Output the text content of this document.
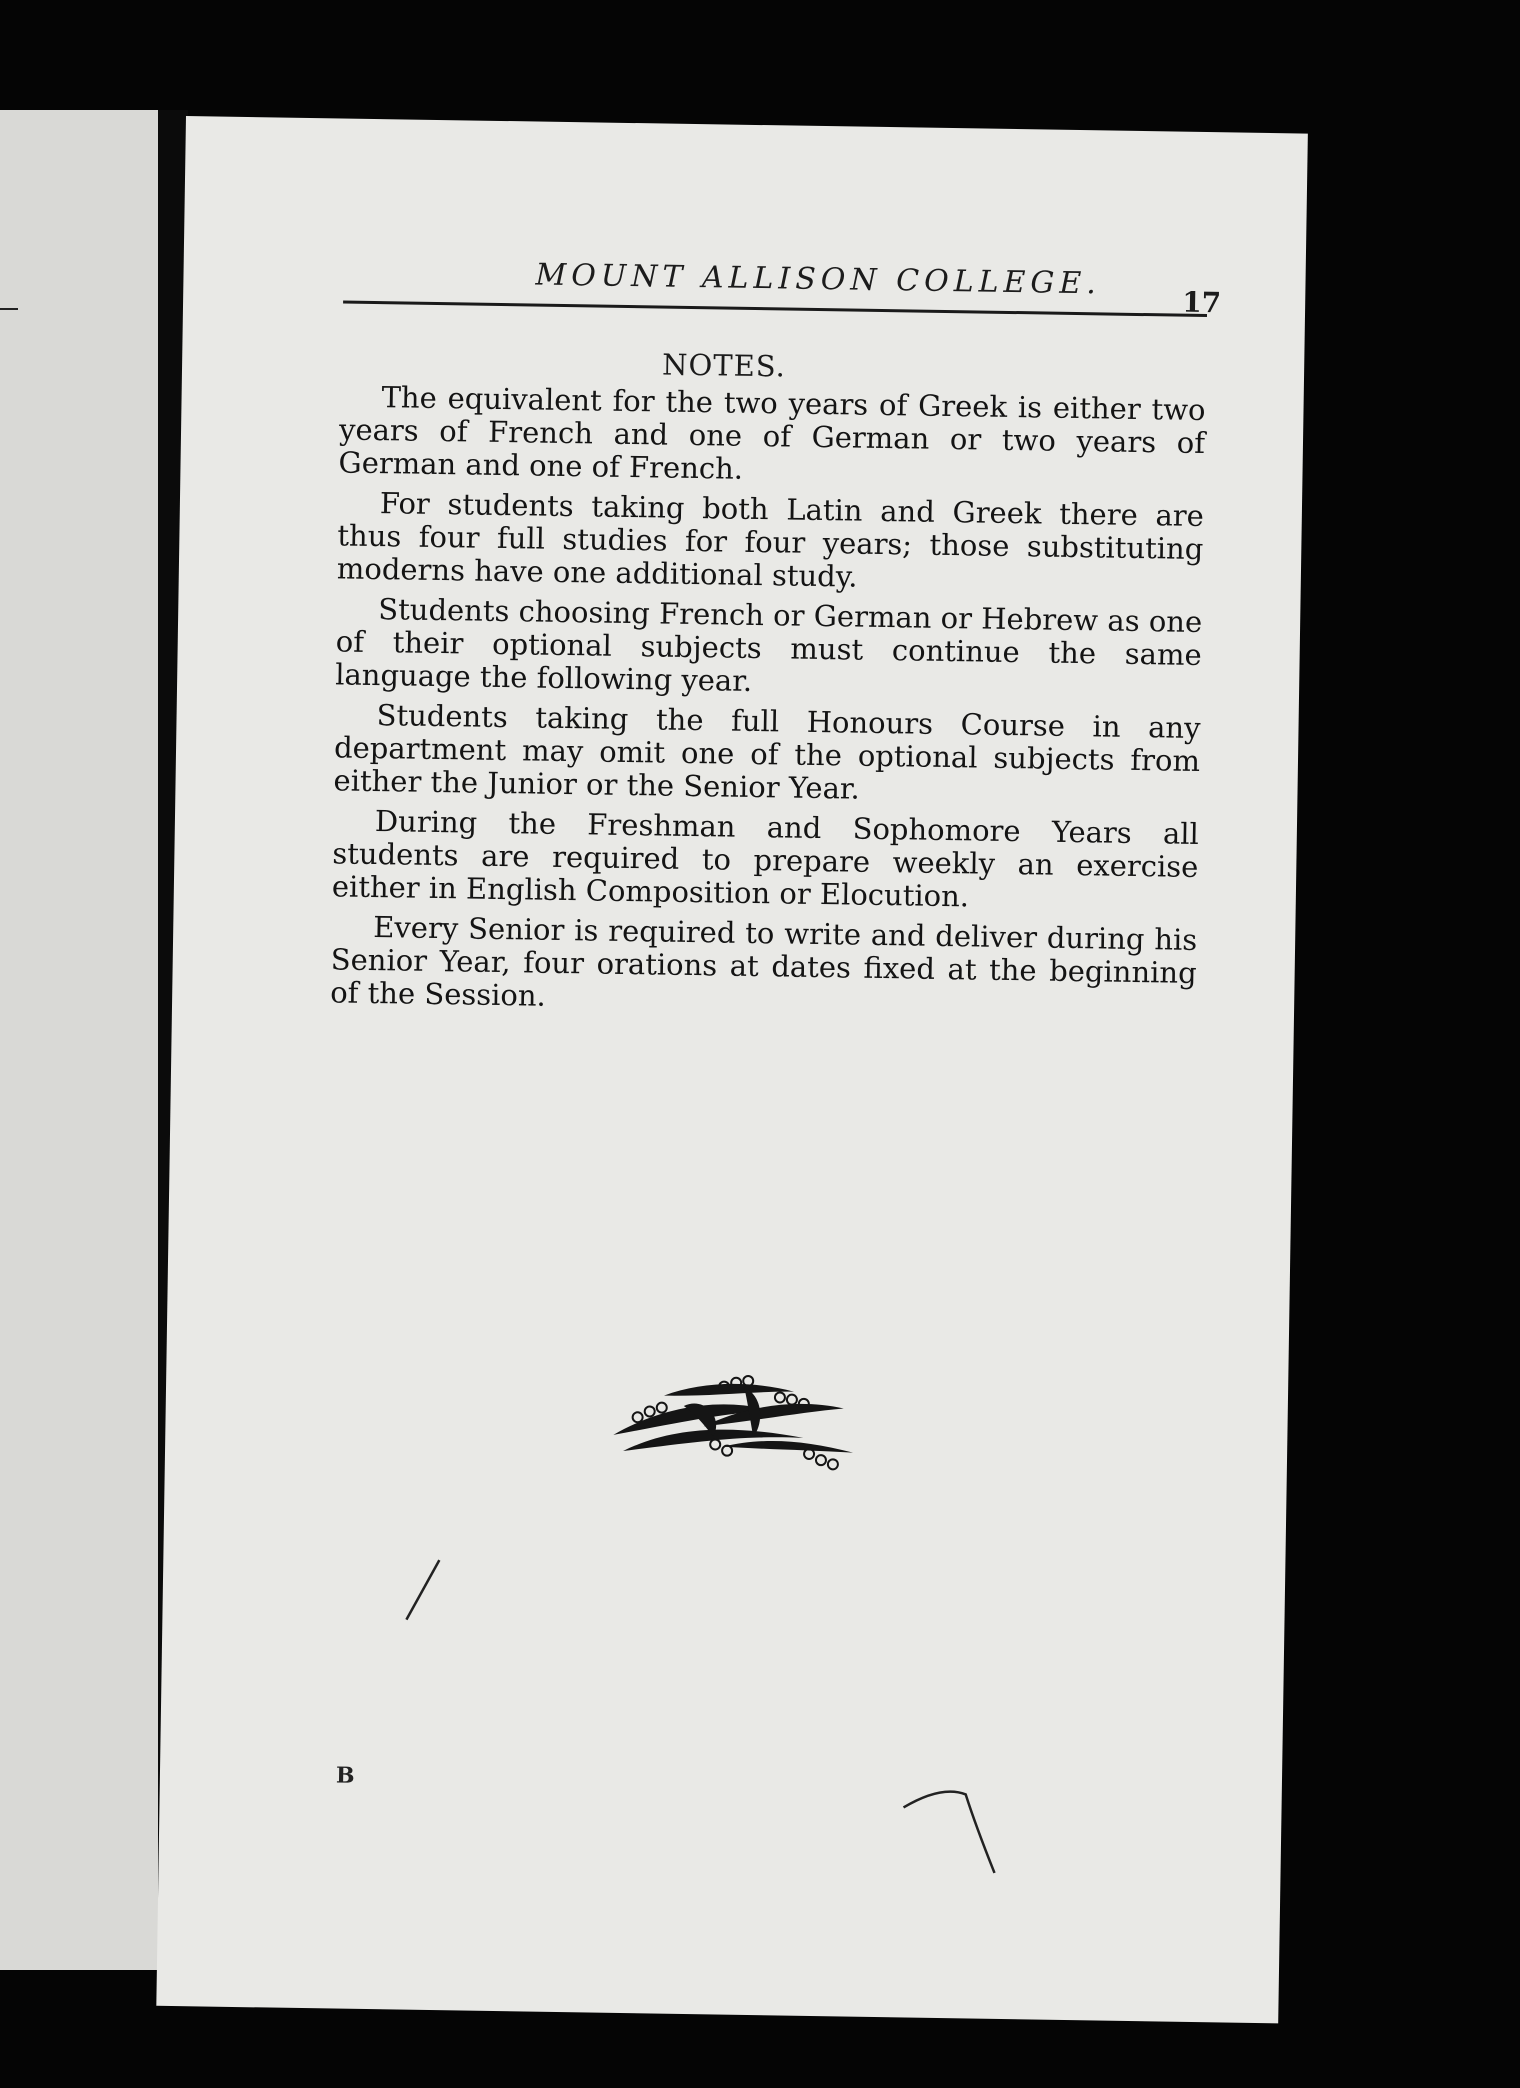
MOUNT ALLISON COLLEGE.
17
NOTES.

The equivalent for the two years of Greek is either two years of French and one of German or two years of German and one of French.

For students taking both Latin and Greek there are thus four full studies for four years; those substituting moderns have one additional study.

Students choosing French or German or Hebrew as one of their optional subjects must continue the same language the following year.

Students taking the full Honours Course in any department may omit one of the optional subjects from either the Junior or the Senior Year.

During the Freshman and Sophomore Years all students are required to prepare weekly an exercise either in English Composition or Elocution.

Every Senior is required to write and deliver during his Senior Year, four orations at dates fixed at the beginning of the Session.

B
